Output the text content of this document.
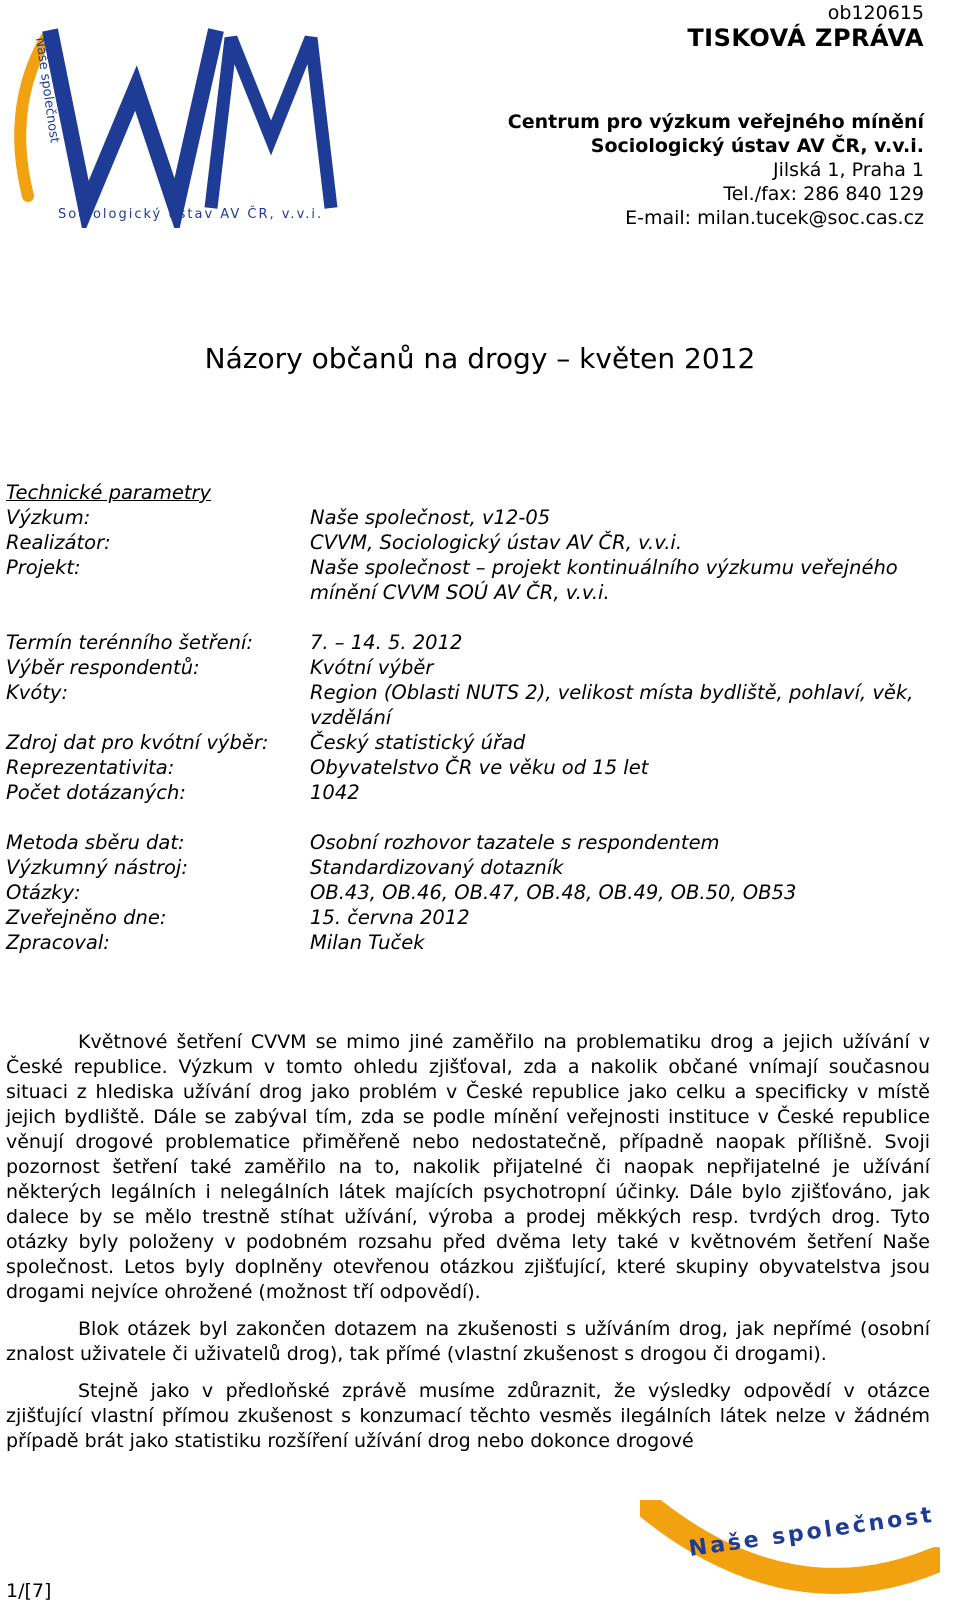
Naše společnost
Sociologický ústav AV ČR, v.v.i.
ob120615
TISKOVÁ ZPRÁVA
Centrum pro výzkum veřejného mínění
Sociologický ústav AV ČR, v.v.i.
Jilská 1, Praha 1
Tel./fax: 286 840 129
E-mail: milan.tucek@soc.cas.cz
Názory občanů na drogy – květen 2012
Technické parametry
Výzkum:	Naše společnost, v12-05
Realizátor:	CVVM, Sociologický ústav AV ČR, v.v.i.
Projekt:	Naše společnost – projekt kontinuálního výzkumu veřejného mínění CVVM SOÚ AV ČR, v.v.i.
Termín terénního šetření:	7. – 14. 5. 2012
Výběr respondentů:	Kvótní výběr
Kvóty:	Region (Oblasti NUTS 2), velikost místa bydliště, pohlaví, věk, vzdělání
Zdroj dat pro kvótní výběr:	Český statistický úřad
Reprezentativita:	Obyvatelstvo ČR ve věku od 15 let
Počet dotázaných:	1042
Metoda sběru dat:	Osobní rozhovor tazatele s respondentem
Výzkumný nástroj:	Standardizovaný dotazník
Otázky:	OB.43, OB.46, OB.47, OB.48, OB.49, OB.50, OB53
Zveřejněno dne:	15. června 2012
Zpracoval:	Milan Tuček

Květnové šetření CVVM se mimo jiné zaměřilo na problematiku drog a jejich užívání v České republice. Výzkum v tomto ohledu zjišťoval, zda a nakolik občané vnímají současnou situaci z hlediska užívání drog jako problém v České republice jako celku a specificky v místě jejich bydliště. Dále se zabýval tím, zda se podle mínění veřejnosti instituce v České republice věnují drogové problematice přiměřeně nebo nedostatečně, případně naopak přílišně. Svoji pozornost šetření také zaměřilo na to, nakolik přijatelné či naopak nepřijatelné je užívání některých legálních i nelegálních látek majících psychotropní účinky. Dále bylo zjišťováno, jak dalece by se mělo trestně stíhat užívání, výroba a prodej měkkých resp. tvrdých drog. Tyto otázky byly položeny v podobném rozsahu před dvěma lety také v květnovém šetření Naše společnost. Letos byly doplněny otevřenou otázkou zjišťující, které skupiny obyvatelstva jsou drogami nejvíce ohrožené (možnost tří odpovědí).

Blok otázek byl zakončen dotazem na zkušenosti s užíváním drog, jak nepřímé (osobní znalost uživatele či uživatelů drog), tak přímé (vlastní zkušenost s drogou či drogami).

Stejně jako v předloňské zprávě musíme zdůraznit, že výsledky odpovědí v otázce zjišťující vlastní přímou zkušenost s konzumací těchto vesměs ilegálních látek nelze v žádném případě brát jako statistiku rozšíření užívání drog nebo dokonce drogové

1/[7]
Naše společnost
